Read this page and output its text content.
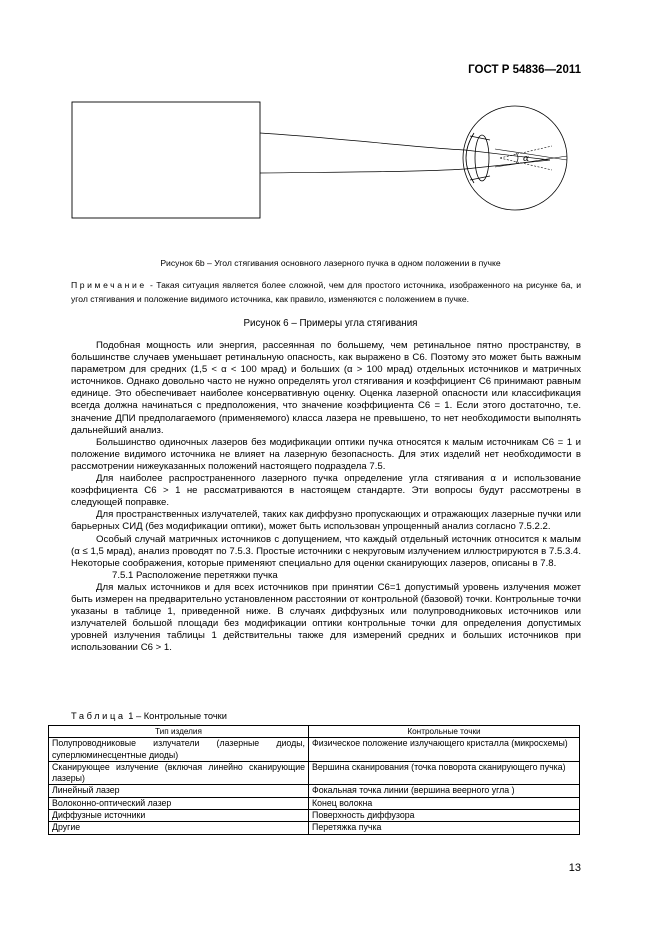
ГОСТ Р 54836—2011
α
Рисунок 6b – Угол стягивания основного лазерного пучка в одном положении в пучке
Примечание - Такая ситуация является более сложной, чем для простого источника, изображенного на рисунке 6а, и угол стягивания и положение видимого источника, как правило, изменяются с положением в пучке.
Рисунок 6 – Примеры угла стягивания

Подобная мощность или энергия, рассеянная по большему, чем ретинальное пятно пространству, в большинстве случаев уменьшает ретинальную опасность, как выражено в C6. Поэтому это может быть важным параметром для средних (1,5 < α < 100 мрад) и больших (α > 100 мрад) отдельных источников и матричных источников. Однако довольно часто не нужно определять угол стягивания и коэффициент C6 принимают равным единице. Это обеспечивает наиболее консервативную оценку. Оценка лазерной опасности или классификация всегда должна начинаться с предположения, что значение коэффициента C6 = 1. Если этого достаточно, т.е. значение ДПИ предполагаемого (применяемого) класса лазера не превышено, то нет необходимости выполнять дальнейший анализ.

Большинство одиночных лазеров без модификации оптики пучка относятся к малым источникам C6 = 1 и положение видимого источника не влияет на лазерную безопасность. Для этих изделий нет необходимости в рассмотрении нижеуказанных положений настоящего подраздела 7.5.

Для наиболее распространенного лазерного пучка определение угла стягивания α и использование коэффициента C6 > 1 не рассматриваются в настоящем стандарте. Эти вопросы будут рассмотрены в следующей поправке.

Для пространственных излучателей, таких как диффузно пропускающих и отражающих лазерные пучки или барьерных СИД (без модификации оптики), может быть использован упрощенный анализ согласно 7.5.2.2.

Особый случай матричных источников с допущением, что каждый отдельный источник относится к малым (α ≤ 1,5 мрад), анализ проводят по 7.5.3. Простые источники с некруговым излучением иллюстрируются в 7.5.3.4. Некоторые соображения, которые применяют специально для оценки сканирующих лазеров, описаны в 7.8.

7.5.1 Расположение перетяжки пучка

Для малых источников и для всех источников при принятии C6=1 допустимый уровень излучения может быть измерен на предварительно установленном расстоянии от контрольной (базовой) точки. Контрольные точки указаны в таблице 1, приведенной ниже. В случаях диффузных или полупроводниковых источников или излучателей большой площади без модификации оптики контрольные точки для определения допустимых уровней излучения таблицы 1 действительны также для измерений средних и больших источников при использовании C6 > 1.

Таблица 1 – Контрольные точки
Тип изделия	Контрольные точки
Полупроводниковые излучатели (лазерные диоды, суперлюминесцентные диоды)	Физическое положение излучающего кристалла (микросхемы)
Сканирующее излучение (включая линейно сканирующие лазеры)	Вершина сканирования (точка поворота сканирующего пучка)
Линейный лазер	Фокальная точка линии (вершина веерного угла )
Волоконно-оптический лазер	Конец волокна
Диффузные источники	Поверхность диффузора
Другие	Перетяжка пучка
13
